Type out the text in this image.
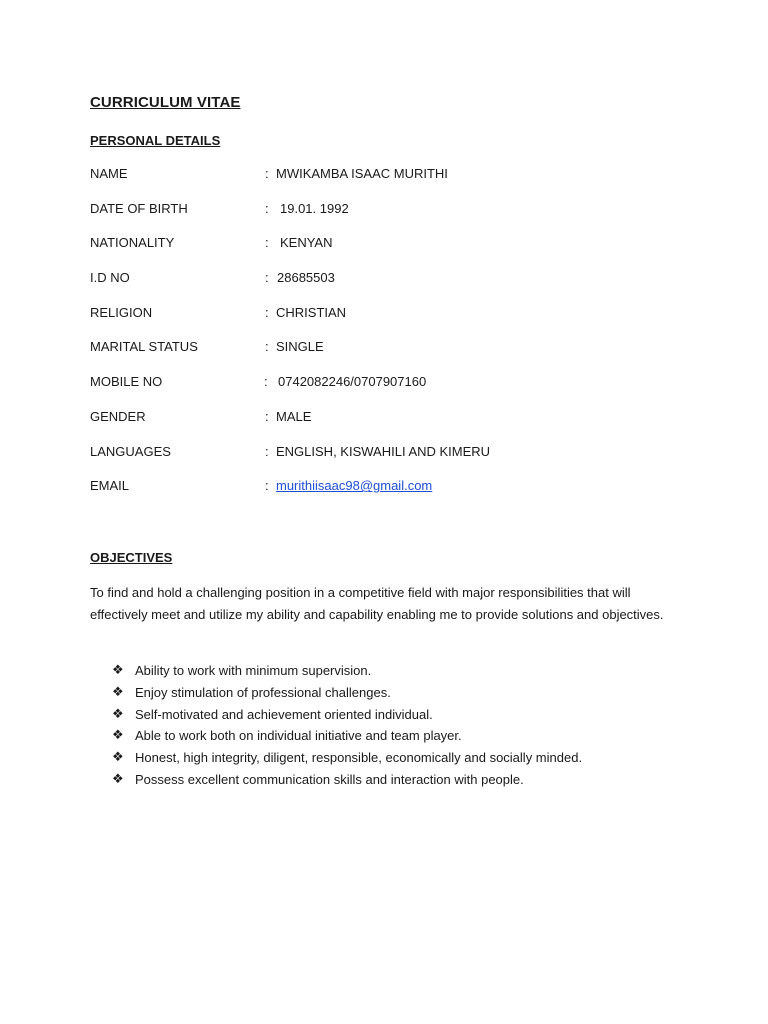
CURRICULUM VITAE
PERSONAL DETAILS
NAME	: MWIKAMBA ISAAC MURITHI
DATE OF BIRTH	: 19.01. 1992
NATIONALITY	: KENYAN
I.D NO	: 28685503
RELIGION	: CHRISTIAN
MARITAL STATUS	: SINGLE
MOBILE NO	: 0742082246/0707907160
GENDER	: MALE
LANGUAGES	: ENGLISH, KISWAHILI AND KIMERU
EMAIL	: murithiisaac98@gmail.com
OBJECTIVES
To find and hold a challenging position in a competitive field with major responsibilities that will effectively meet and utilize my ability and capability enabling me to provide solutions and objectives.
❖ Ability to work with minimum supervision.
❖ Enjoy stimulation of professional challenges.
❖ Self-motivated and achievement oriented individual.
❖ Able to work both on individual initiative and team player.
❖ Honest, high integrity, diligent, responsible, economically and socially minded.
❖ Possess excellent communication skills and interaction with people.
